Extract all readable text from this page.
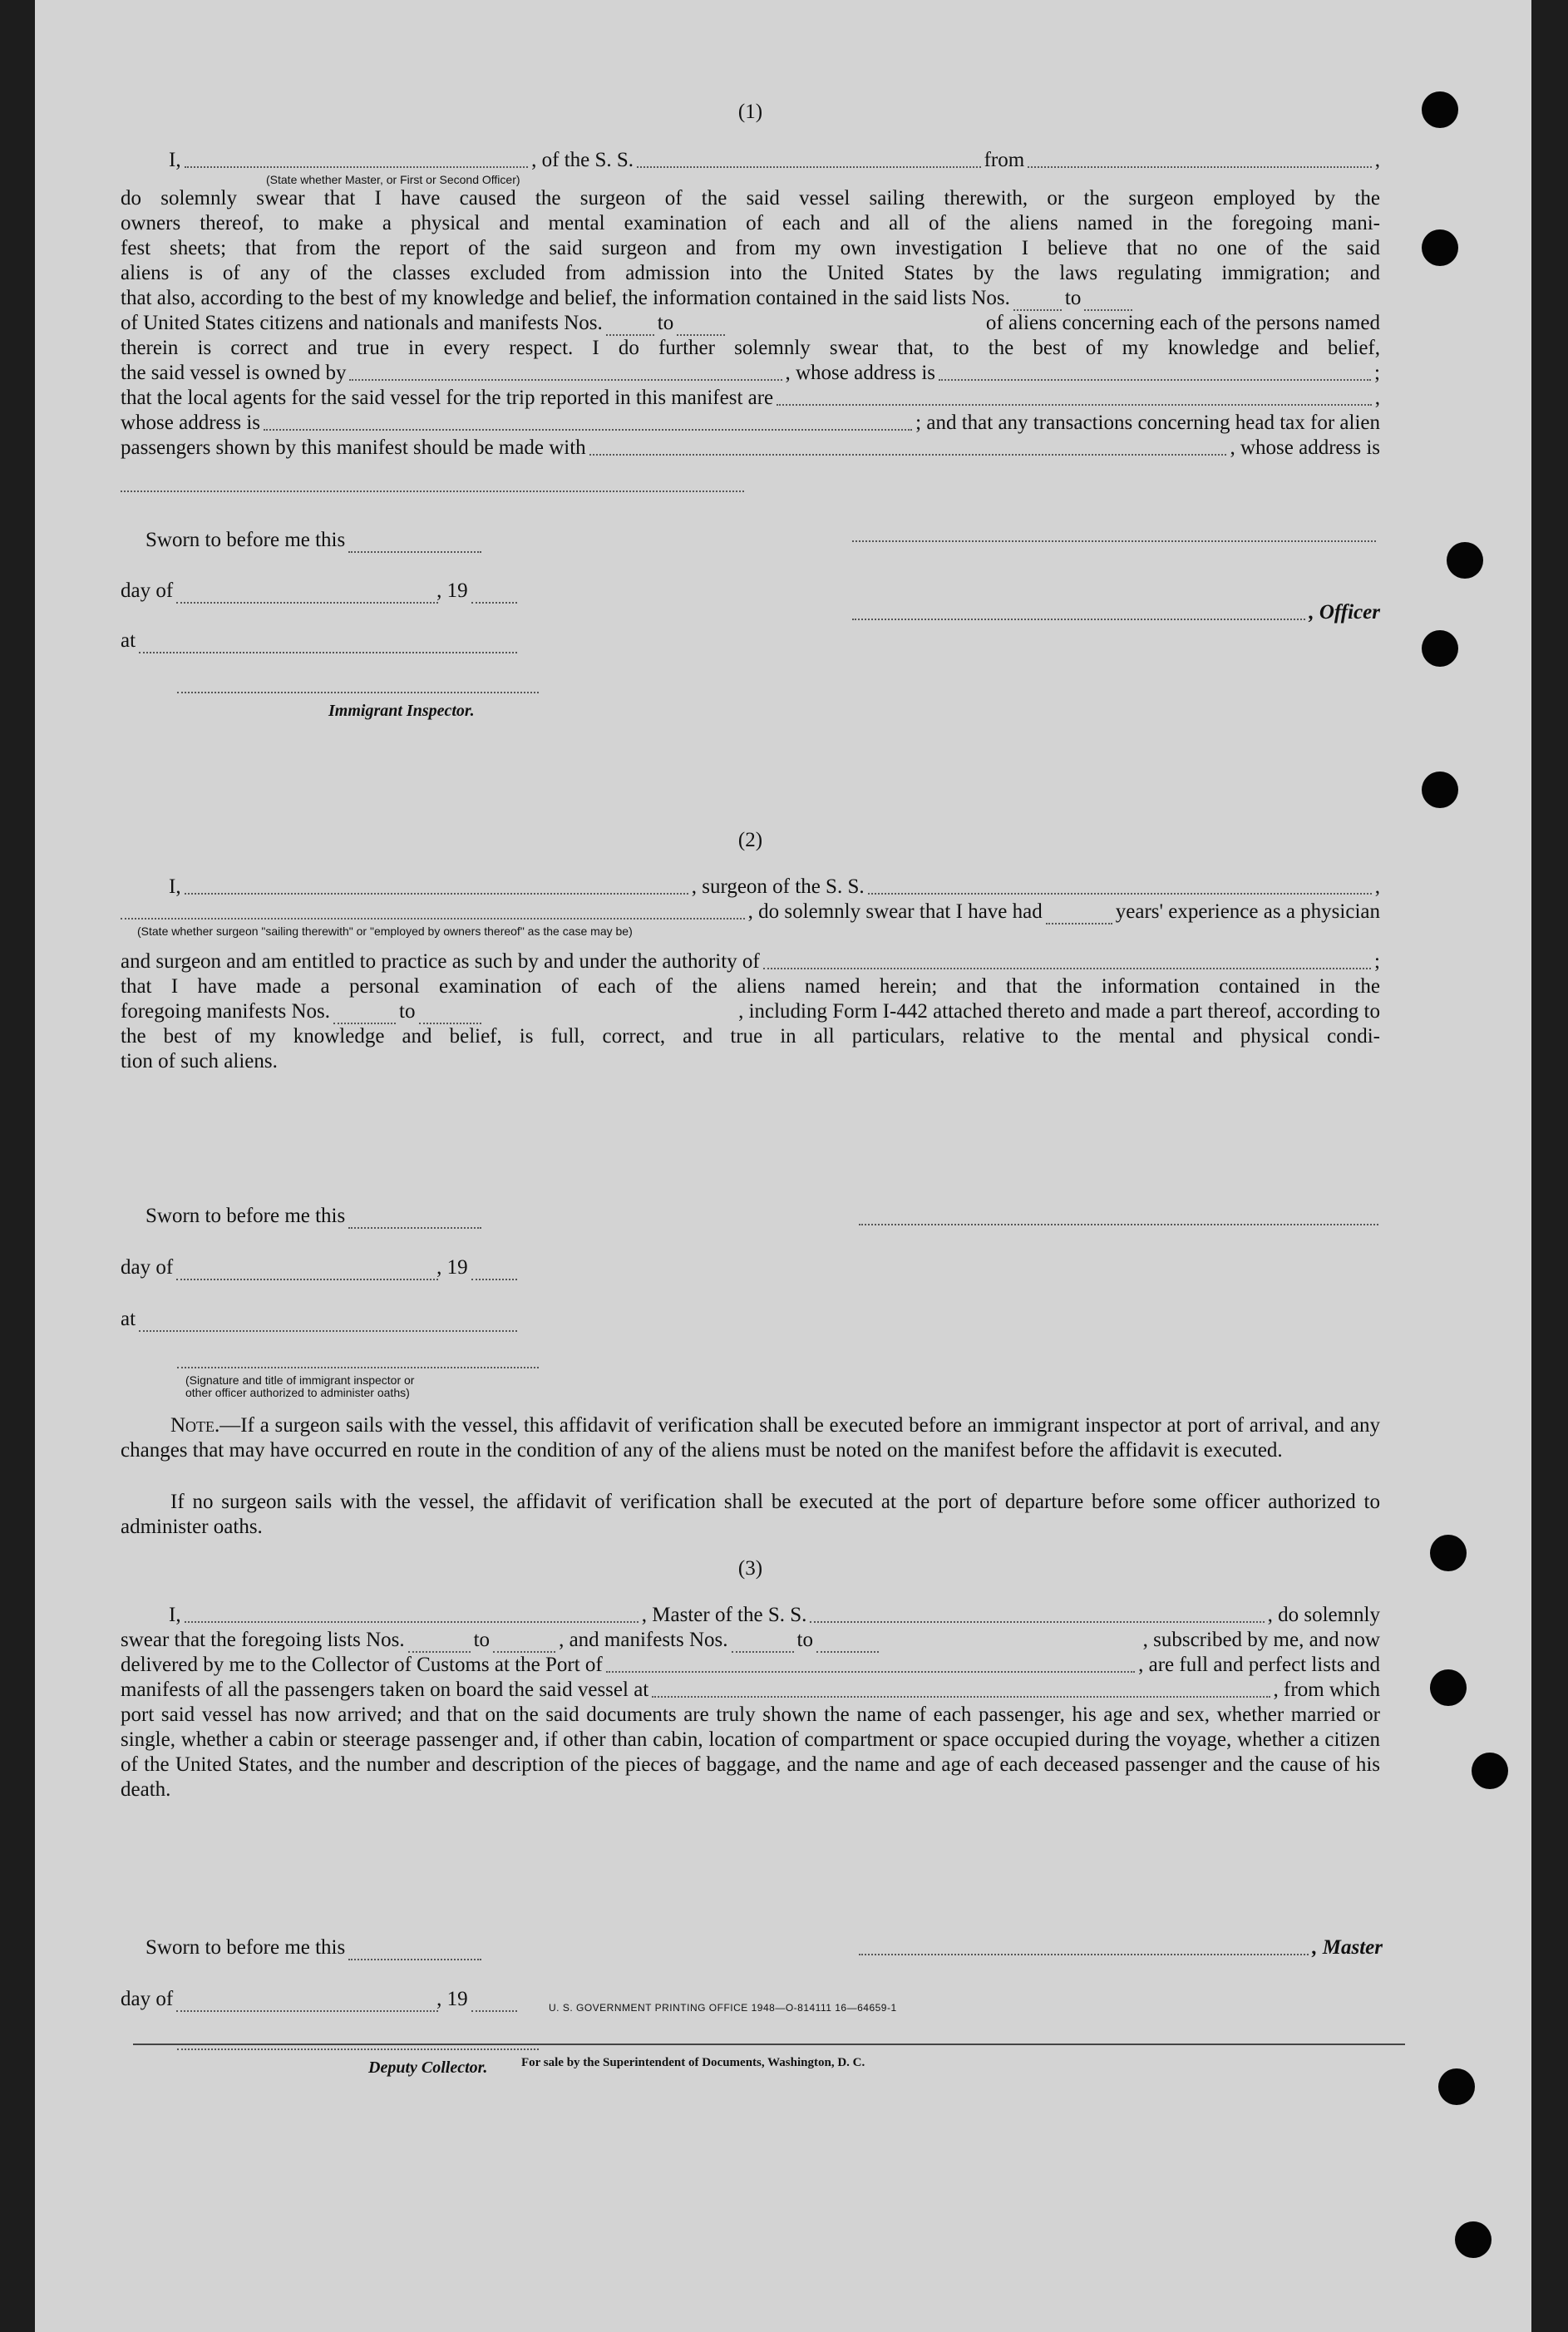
(1)
I,	, of the S. S.	from	,
(State whether Master, or First or Second Officer)
do solemnly swear that I have caused the surgeon of the said vessel sailing therewith, or the surgeon employed by the
owners thereof, to make a physical and mental examination of each and all of the aliens named in the foregoing mani-
fest sheets; that from the report of the said surgeon and from my own investigation I believe that no one of the said
aliens is of any of the classes excluded from admission into the United States by the laws regulating immigration; and
that also, according to the best of my knowledge and belief, the information contained in the said lists Nos.	to
of United States citizens and nationals and manifests Nos.	to	of aliens concerning each of the persons named
therein is correct and true in every respect. I do further solemnly swear that, to the best of my knowledge and belief,
the said vessel is owned by	, whose address is	;
that the local agents for the said vessel for the trip reported in this manifest are	,
whose address is	; and that any transactions concerning head tax for alien
passengers shown by this manifest should be made with	, whose address is
Sworn to before me this
day of	, 19
, Officer
at
Immigrant Inspector.
(2)
I,	, surgeon of the S. S.	,
, do solemnly swear that I have had	years' experience as a physician
(State whether surgeon "sailing therewith" or "employed by owners thereof" as the case may be)
and surgeon and am entitled to practice as such by and under the authority of	;
that I have made a personal examination of each of the aliens named herein; and that the information contained in the
foregoing manifests Nos.	to	, including Form I-442 attached thereto and made a part thereof, according to
the best of my knowledge and belief, is full, correct, and true in all particulars, relative to the mental and physical condi-
tion of such aliens.
Sworn to before me this
day of	, 19
at
(Signature and title of immigrant inspector or
other officer authorized to administer oaths)
Note.—If a surgeon sails with the vessel, this affidavit of verification shall be executed before an immigrant inspector at port of arrival, and any changes that may have occurred en route in the condition of any of the aliens must be noted on the manifest before the affidavit is executed.
If no surgeon sails with the vessel, the affidavit of verification shall be executed at the port of departure before some officer authorized to administer oaths.
(3)
I,	, Master of the S. S.	, do solemnly
swear that the foregoing lists Nos.	to	, and manifests Nos.	to	, subscribed by me, and now
delivered by me to the Collector of Customs at the Port of	, are full and perfect lists and
manifests of all the passengers taken on board the said vessel at	, from which
port said vessel has now arrived; and that on the said documents are truly shown the name of each passenger, his age and sex, whether married or single, whether a cabin or steerage passenger and, if other than cabin, location of compartment or space occupied during the voyage, whether a citizen of the United States, and the number and description of the pieces of baggage, and the name and age of each deceased passenger and the cause of his death.
Sworn to before me this	, Master
day of	, 19
Deputy Collector.
U. S. GOVERNMENT PRINTING OFFICE 1948—O-814111 16—64659-1
For sale by the Superintendent of Documents, Washington, D. C.
